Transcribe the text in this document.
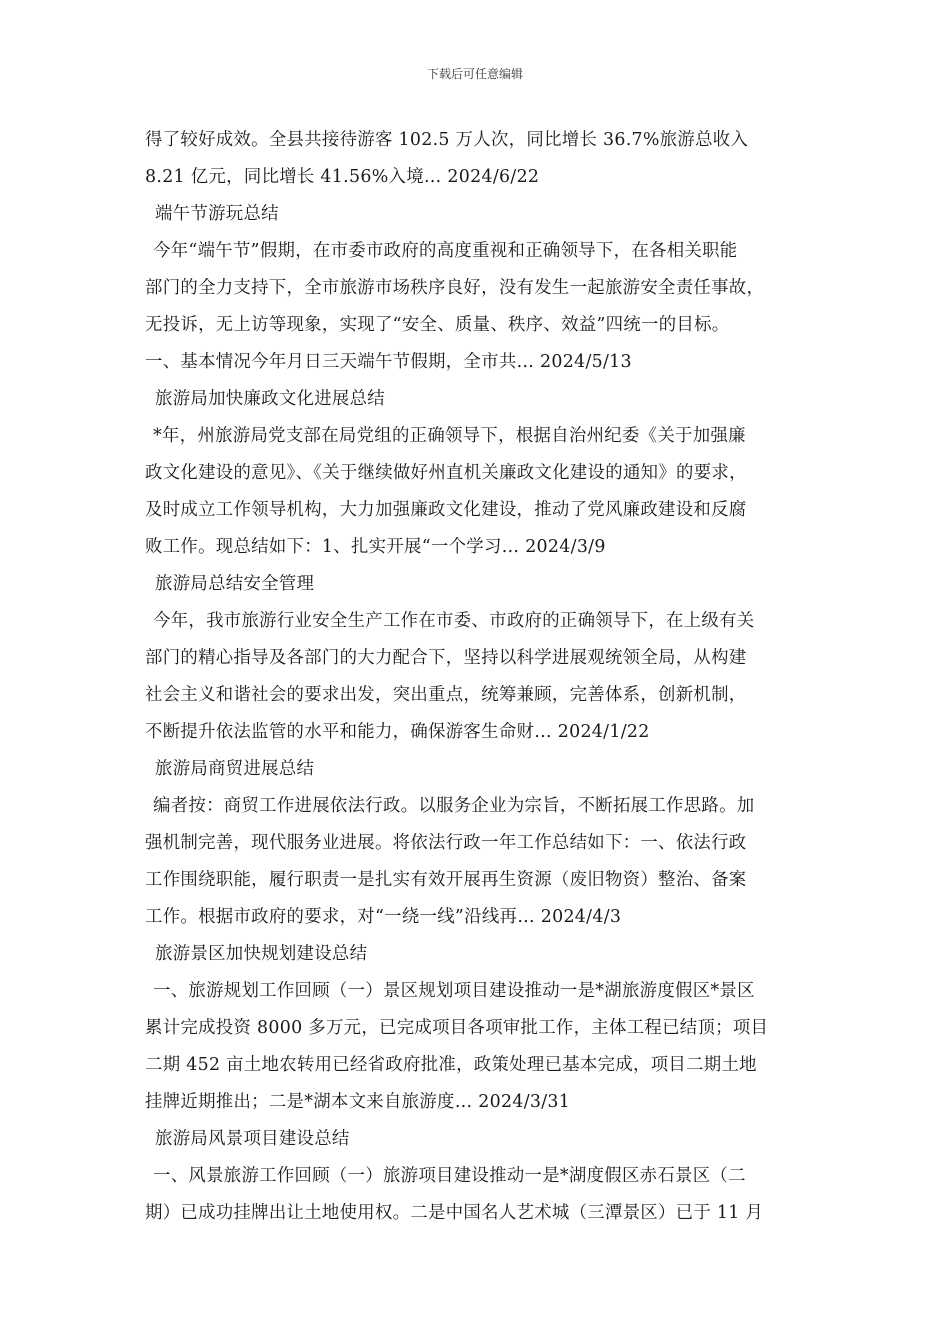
下载后可任意编辑
得了较好成效。全县共接待游客 102.5 万人次，同比增长 36.7%旅游总收入
8.21 亿元，同比增长 41.56%入境… 2024/6/22
端午节游玩总结
今年“端午节”假期，在市委市政府的高度重视和正确领导下，在各相关职能
部门的全力支持下，全市旅游市场秩序良好，没有发生一起旅游安全责任事故，
无投诉，无上访等现象，实现了“安全、质量、秩序、效益”四统一的目标。
一、基本情况今年月日三天端午节假期，全市共… 2024/5/13
旅游局加快廉政文化进展总结
*年，州旅游局党支部在局党组的正确领导下，根据自治州纪委《关于加强廉
政文化建设的意见》、《关于继续做好州直机关廉政文化建设的通知》的要求，
及时成立工作领导机构，大力加强廉政文化建设，推动了党风廉政建设和反腐
败工作。现总结如下：1、扎实开展“一个学习… 2024/3/9
旅游局总结安全管理
今年，我市旅游行业安全生产工作在市委、市政府的正确领导下，在上级有关
部门的精心指导及各部门的大力配合下，坚持以科学进展观统领全局，从构建
社会主义和谐社会的要求出发，突出重点，统筹兼顾，完善体系，创新机制，
不断提升依法监管的水平和能力，确保游客生命财… 2024/1/22
旅游局商贸进展总结
编者按：商贸工作进展依法行政。以服务企业为宗旨，不断拓展工作思路。加
强机制完善，现代服务业进展。将依法行政一年工作总结如下：一、依法行政
工作围绕职能，履行职责一是扎实有效开展再生资源（废旧物资）整治、备案
工作。根据市政府的要求，对“一绕一线”沿线再… 2024/4/3
旅游景区加快规划建设总结
一、旅游规划工作回顾（一）景区规划项目建设推动一是*湖旅游度假区*景区
累计完成投资 8000 多万元，已完成项目各项审批工作，主体工程已结顶；项目
二期 452 亩土地农转用已经省政府批准，政策处理已基本完成，项目二期土地
挂牌近期推出；二是*湖本文来自旅游度… 2024/3/31
旅游局风景项目建设总结
一、风景旅游工作回顾（一）旅游项目建设推动一是*湖度假区赤石景区（二
期）已成功挂牌出让土地使用权。二是中国名人艺术城（三潭景区）已于 11 月
